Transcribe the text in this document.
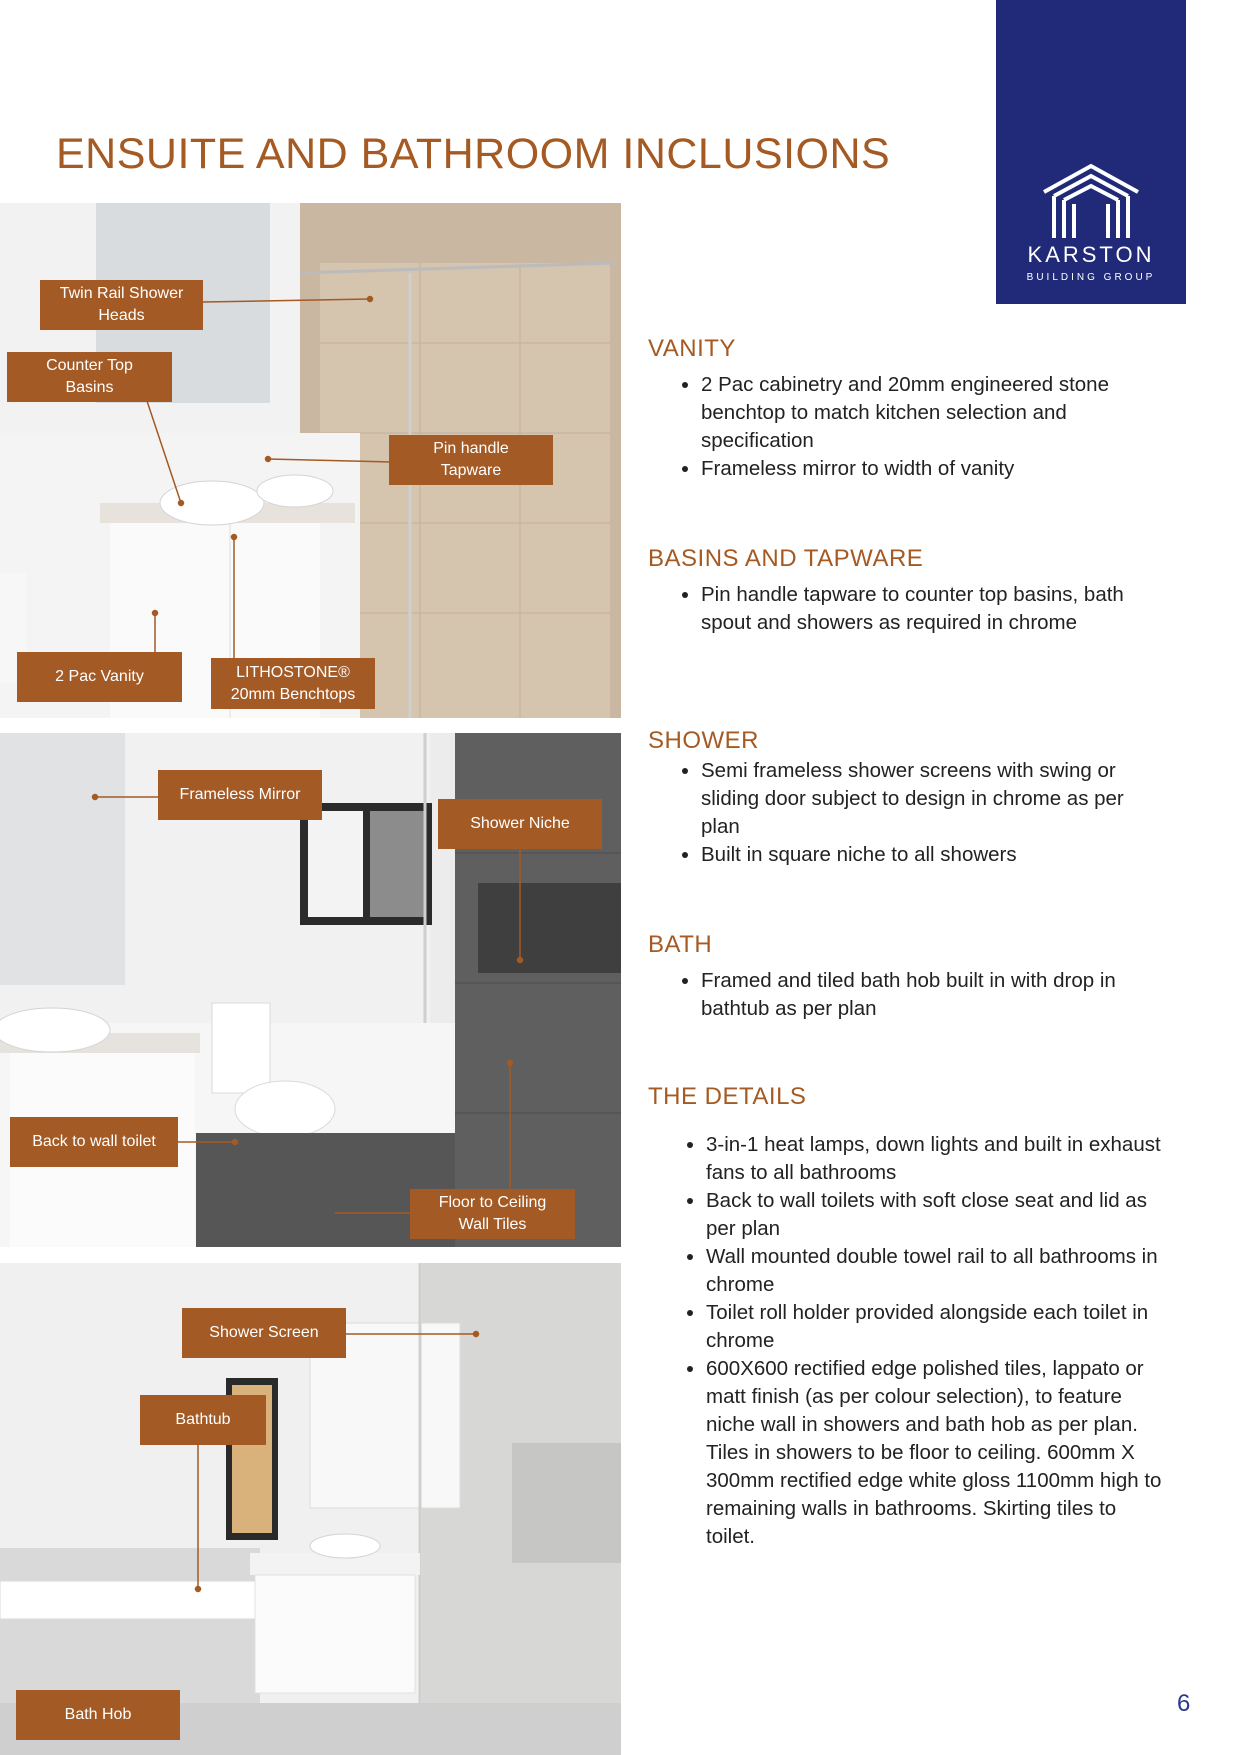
ENSUITE AND BATHROOM INCLUSIONS
KARSTON
BUILDING GROUP
Twin Rail Shower
Heads
Counter Top
Basins
Pin handle
Tapware
2 Pac Vanity	LITHOSTONE®
20mm Benchtops
Frameless Mirror
Shower Niche
Back to wall toilet
Floor to Ceiling
Wall Tiles
Shower Screen
Bathtub
Bath Hob
VANITY
• 2 Pac cabinetry and 20mm engineered stone benchtop to match kitchen selection and specification
• Frameless mirror to width of vanity
BASINS AND TAPWARE
• Pin handle tapware to counter top basins, bath spout and showers as required in chrome
SHOWER
• Semi frameless shower screens with swing or sliding door subject to design in chrome as per plan
• Built in square niche to all showers
BATH
• Framed and tiled bath hob built in with drop in bathtub as per plan
THE DETAILS
• 3-in-1 heat lamps, down lights and built in exhaust fans to all bathrooms
• Back to wall toilets with soft close seat and lid as per plan
• Wall mounted double towel rail to all bathrooms in chrome
• Toilet roll holder provided alongside each toilet in chrome
• 600X600 rectified edge polished tiles, lappato or matt finish (as per colour selection), to feature niche wall in showers and bath hob as per plan. Tiles in showers to be floor to ceiling. 600mm X 300mm rectified edge white gloss 1100mm high to remaining walls in bathrooms. Skirting tiles to toilet.
6
